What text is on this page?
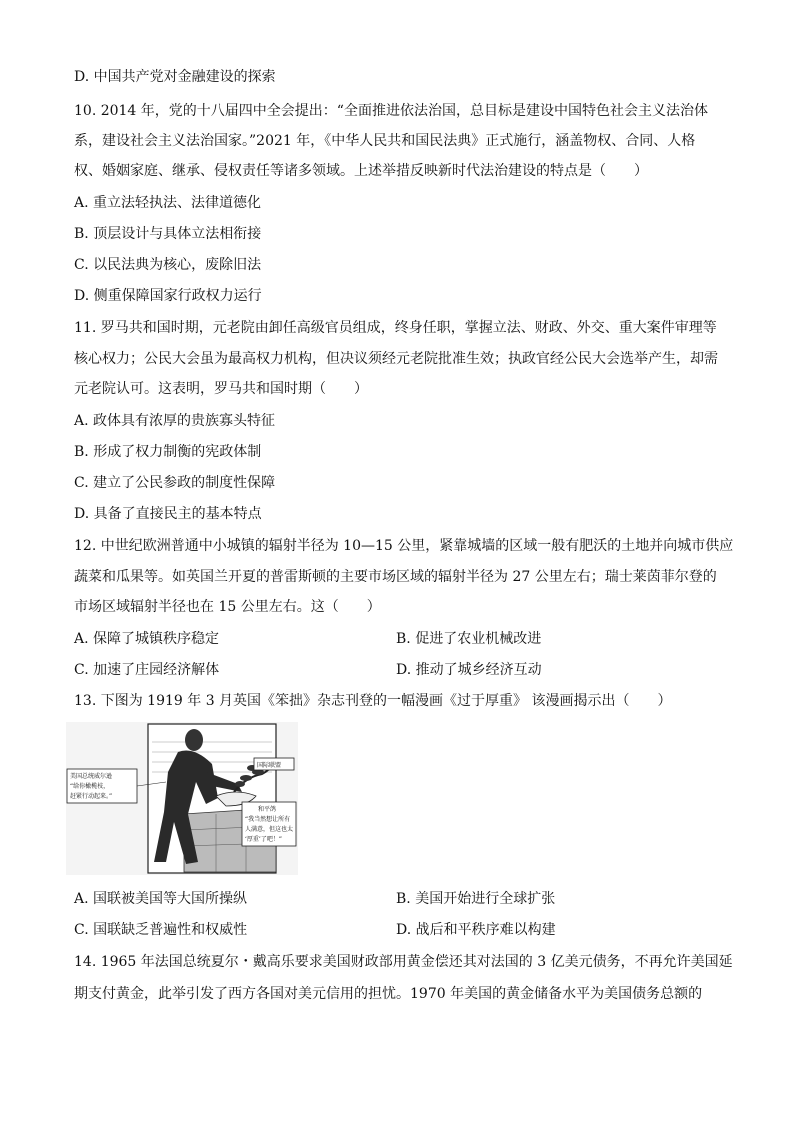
D. 中国共产党对金融建设的探索
10. 2014 年，党的十八届四中全会提出：“全面推进依法治国，总目标是建设中国特色社会主义法治体
系，建设社会主义法治国家。”2021 年，《中华人民共和国民法典》正式施行，涵盖物权、合同、人格
权、婚姻家庭、继承、侵权责任等诸多领域。上述举措反映新时代法治建设的特点是（　　）
A. 重立法轻执法、法律道德化
B. 顶层设计与具体立法相衔接
C. 以民法典为核心，废除旧法
D. 侧重保障国家行政权力运行
11. 罗马共和国时期，元老院由卸任高级官员组成，终身任职，掌握立法、财政、外交、重大案件审理等
核心权力；公民大会虽为最高权力机构，但决议须经元老院批准生效；执政官经公民大会选举产生，却需
元老院认可。这表明，罗马共和国时期（　　）
A. 政体具有浓厚的贵族寡头特征
B. 形成了权力制衡的宪政体制
C. 建立了公民参政的制度性保障
D. 具备了直接民主的基本特点
12. 中世纪欧洲普通中小城镇的辐射半径为 10—15 公里，紧靠城墙的区域一般有肥沃的土地并向城市供应
蔬菜和瓜果等。如英国兰开夏的普雷斯顿的主要市场区域的辐射半径为 27 公里左右；瑞士莱茵菲尔登的
市场区域辐射半径也在 15 公里左右。这（　　）
A. 保障了城镇秩序稳定	B. 促进了农业机械改进
C. 加速了庄园经济解体	D. 推动了城乡经济互动
13. 下图为 1919 年 3 月英国《笨拙》杂志刊登的一幅漫画《过于厚重》 该漫画揭示出（　　）
美国总统威尔逊
“给你橄榄枝，
赶紧行动起来。”
国际联盟
和平鸽
“我当然想让所有
人满意，但这也太
‘厚重’了吧！”
A. 国联被美国等大国所操纵	B. 美国开始进行全球扩张
C. 国联缺乏普遍性和权威性	D. 战后和平秩序难以构建
14. 1965 年法国总统夏尔・戴高乐要求美国财政部用黄金偿还其对法国的 3 亿美元债务，不再允许美国延
期支付黄金，此举引发了西方各国对美元信用的担忧。1970 年美国的黄金储备水平为美国债务总额的
